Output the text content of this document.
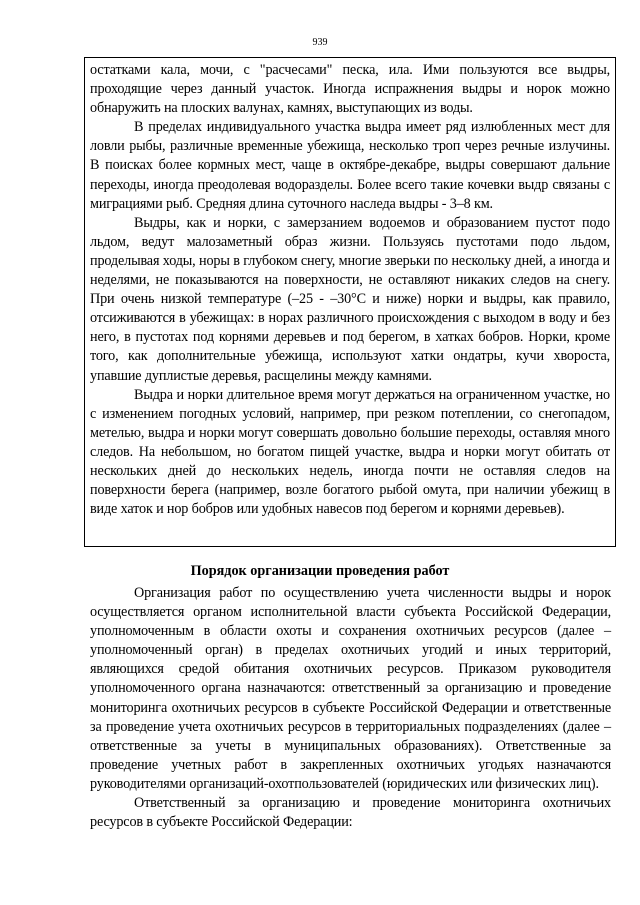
939

остатками кала, мочи, с "расчесами" песка, ила. Ими пользуются все выдры, проходящие через данный участок. Иногда испражнения выдры и норок можно обнаружить на плоских валунах, камнях, выступающих из воды.

В пределах индивидуального участка выдра имеет ряд излюбленных мест для ловли рыбы, различные временные убежища, несколько троп через речные излучины. В поисках более кормных мест, чаще в октябре-декабре, выдры совершают дальние переходы, иногда преодолевая водоразделы. Более всего такие кочевки выдр связаны с миграциями рыб. Средняя длина суточного наследа выдры - 3–8 км.

Выдры, как и норки, с замерзанием водоемов и образованием пустот подо льдом, ведут малозаметный образ жизни. Пользуясь пустотами подо льдом, проделывая ходы, норы в глубоком снегу, многие зверьки по нескольку дней, а иногда и неделями, не показываются на поверхности, не оставляют никаких следов на снегу. При очень низкой температуре (–25 - –30°С и ниже) норки и выдры, как правило, отсиживаются в убежищах: в норах различного происхождения с выходом в воду и без него, в пустотах под корнями деревьев и под берегом, в хатках бобров. Норки, кроме того, как дополнительные убежища, используют хатки ондатры, кучи хвороста, упавшие дуплистые деревья, расщелины между камнями.

Выдра и норки длительное время могут держаться на ограниченном участке, но с изменением погодных условий, например, при резком потеплении, со снегопадом, метелью, выдра и норки могут совершать довольно большие переходы, оставляя много следов. На небольшом, но богатом пищей участке, выдра и норки могут обитать от нескольких дней до нескольких недель, иногда почти не оставляя следов на поверхности берега (например, возле богатого рыбой омута, при наличии убежищ в виде хаток и нор бобров или удобных навесов под берегом и корнями деревьев).

Порядок организации проведения работ

Организация работ по осуществлению учета численности выдры и норок осуществляется органом исполнительной власти субъекта Российской Федерации, уполномоченным в области охоты и сохранения охотничьих ресурсов (далее – уполномоченный орган) в пределах охотничьих угодий и иных территорий, являющихся средой обитания охотничьих ресурсов. Приказом руководителя уполномоченного органа назначаются: ответственный за организацию и проведение мониторинга охотничьих ресурсов в субъекте Российской Федерации и ответственные за проведение учета охотничьих ресурсов в территориальных подразделениях (далее – ответственные за учеты в муниципальных образованиях). Ответственные за проведение учетных работ в закрепленных охотничьих угодьях назначаются руководителями организаций-охотпользователей (юридических или физических лиц).

Ответственный за организацию и проведение мониторинга охотничьих ресурсов в субъекте Российской Федерации:
